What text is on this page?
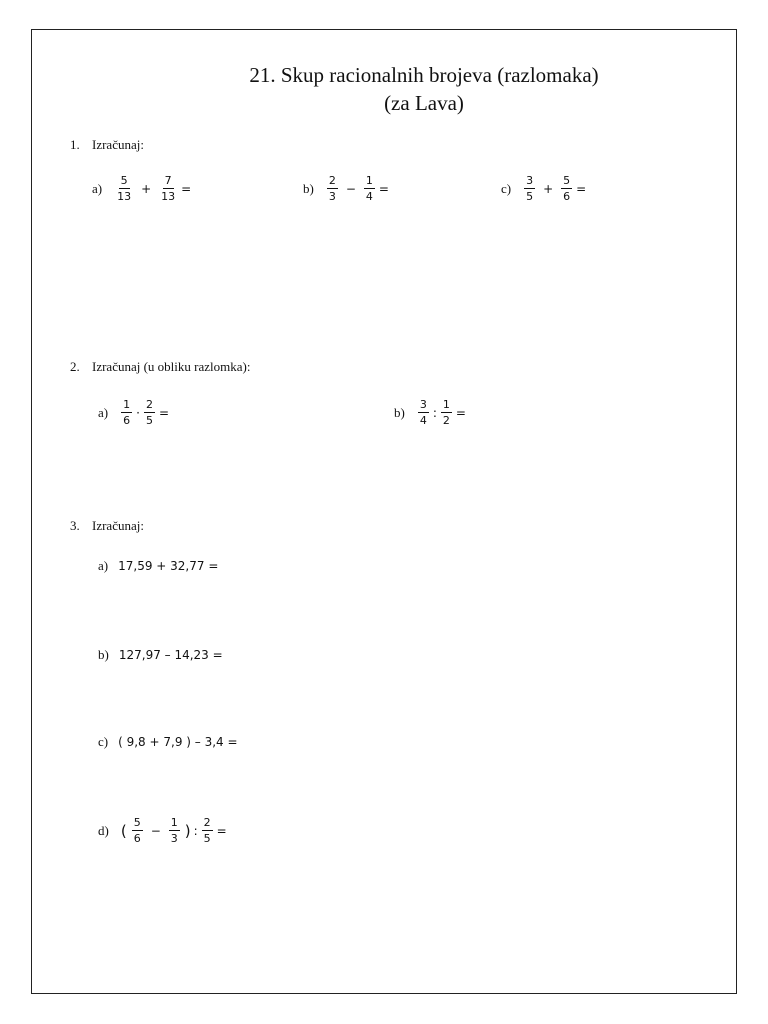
21. Skup racionalnih brojeva (razlomaka)
(za Lava)
1. Izračunaj:
$a) \frac{5}{13} + \frac{7}{13}$ =	$b) \frac{2}{3} - \frac{1}{4}$ =	$c) \frac{3}{5} + \frac{5}{6}$ =
2. Izračunaj (u obliku razlomka):
$a) \frac{1}{6} \cdot \frac{2}{5}$ =	$b) \frac{3}{4}$ : $\frac{1}{2}$ =
3. Izračunaj:
a) 17,59 + 32,77 =
b) 127,97 – 14,23 =
c) ( 9,8 + 7,9 ) – 3,4 =
d) ( $\frac{5}{6} - \frac{1}{3}$ ) : $\frac{2}{5}$ =
